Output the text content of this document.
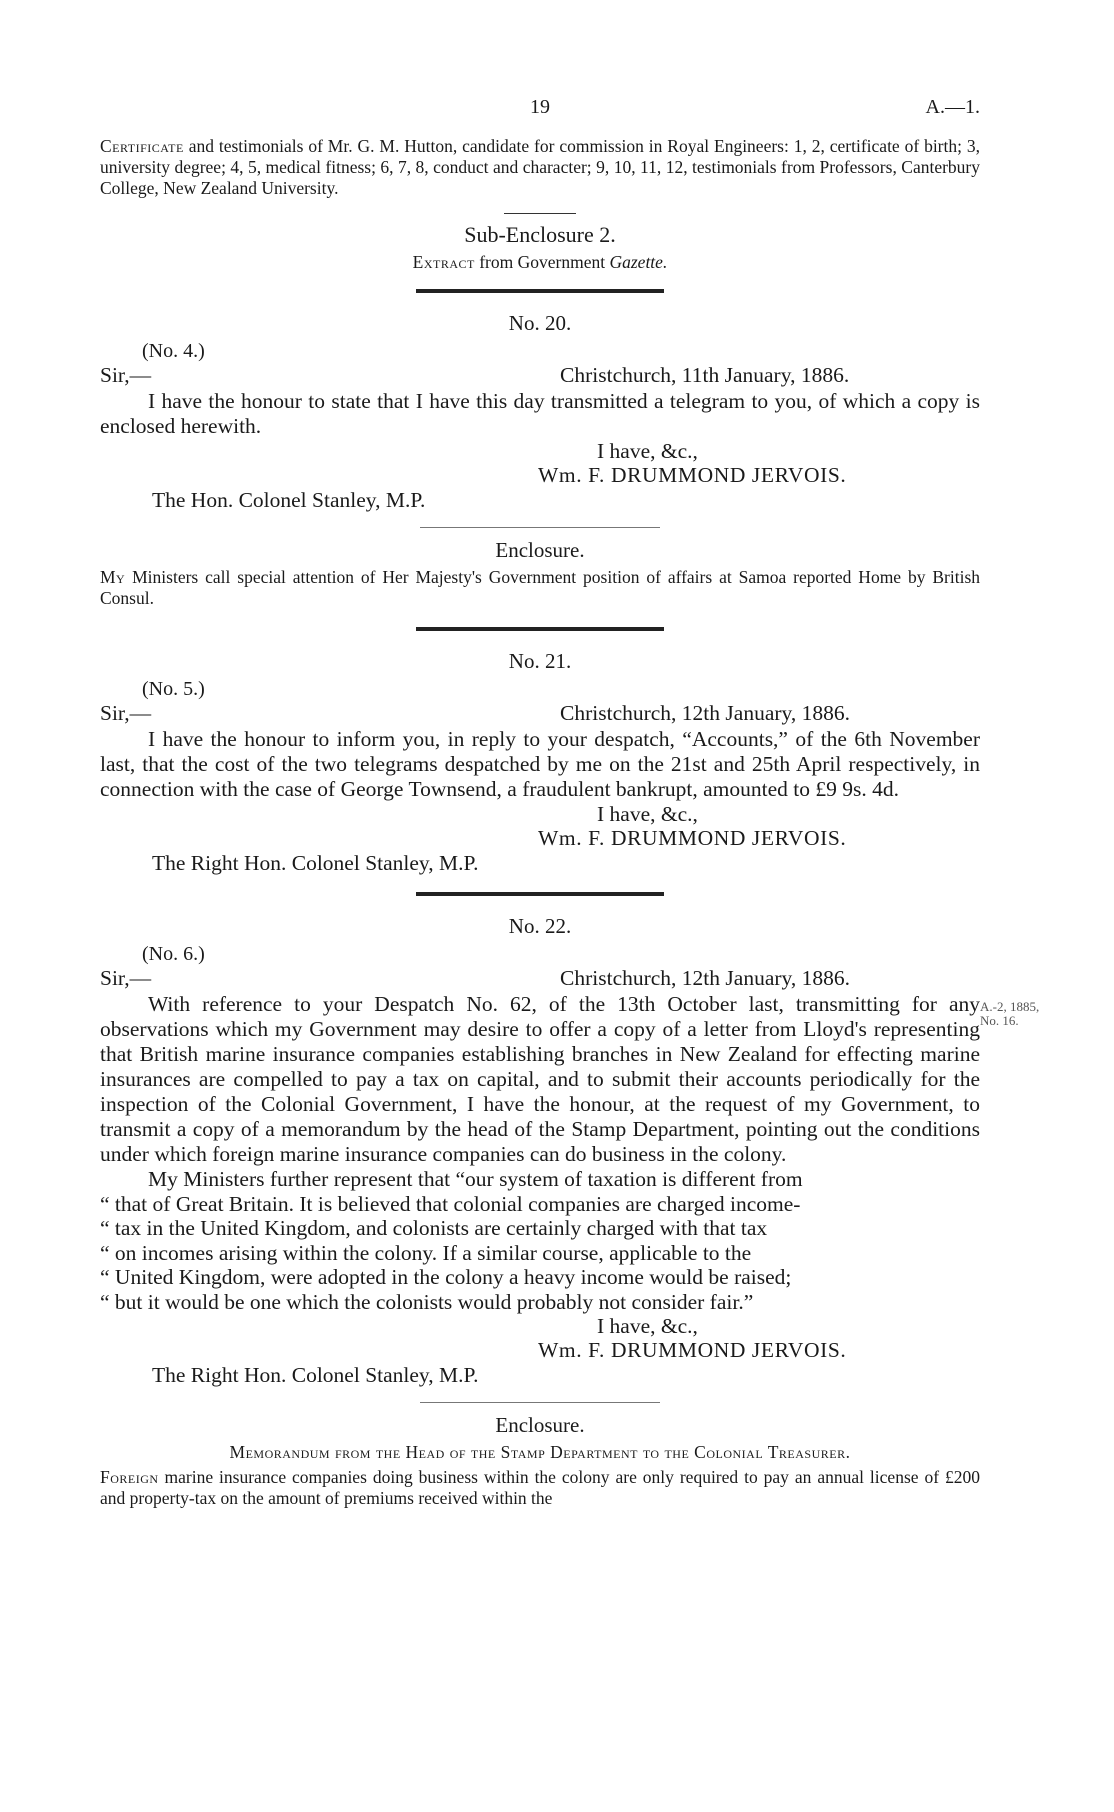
19	A.—1.

Certificate and testimonials of Mr. G. M. Hutton, candidate for commission in Royal Engineers: 1, 2, certificate of birth; 3, university degree; 4, 5, medical fitness; 6, 7, 8, conduct and character; 9, 10, 11, 12, testimonials from Professors, Canterbury College, New Zealand University.

Sub-Enclosure 2.
Extract from Government Gazette.
No. 20.
(No. 4.)
Sir,—	Christchurch, 11th January, 1886.

I have the honour to state that I have this day transmitted a telegram to you, of which a copy is enclosed herewith.

I have, &c.,
Wm. F. DRUMMOND JERVOIS.
The Hon. Colonel Stanley, M.P.
Enclosure.

My Ministers call special attention of Her Majesty's Government position of affairs at Samoa reported Home by British Consul.

No. 21.
(No. 5.)
Sir,—	Christchurch, 12th January, 1886.

I have the honour to inform you, in reply to your despatch, “Accounts,” of the 6th November last, that the cost of the two telegrams despatched by me on the 21st and 25th April respectively, in connection with the case of George Townsend, a fraudulent bankrupt, amounted to £9 9s. 4d.

I have, &c.,
Wm. F. DRUMMOND JERVOIS.
The Right Hon. Colonel Stanley, M.P.
No. 22.
(No. 6.)
Sir,—	Christchurch, 12th January, 1886.
A.-2, 1885,
No. 16.

With reference to your Despatch No. 62, of the 13th October last, transmitting for any observations which my Government may desire to offer a copy of a letter from Lloyd's representing that British marine insurance companies establishing branches in New Zealand for effecting marine insurances are compelled to pay a tax on capital, and to submit their accounts periodically for the inspection of the Colonial Government, I have the honour, at the request of my Government, to transmit a copy of a memorandum by the head of the Stamp Department, pointing out the conditions under which foreign marine insurance companies can do business in the colony.

My Ministers further represent that “our system of taxation is different from
“ that of Great Britain. It is believed that colonial companies are charged income-
“ tax in the United Kingdom, and colonists are certainly charged with that tax
“ on incomes arising within the colony. If a similar course, applicable to the
“ United Kingdom, were adopted in the colony a heavy income would be raised;
“ but it would be one which the colonists would probably not consider fair.”
I have, &c.,
Wm. F. DRUMMOND JERVOIS.
The Right Hon. Colonel Stanley, M.P.
Enclosure.
Memorandum from the Head of the Stamp Department to the Colonial Treasurer.

Foreign marine insurance companies doing business within the colony are only required to pay an annual license of £200 and property-tax on the amount of premiums received within the
